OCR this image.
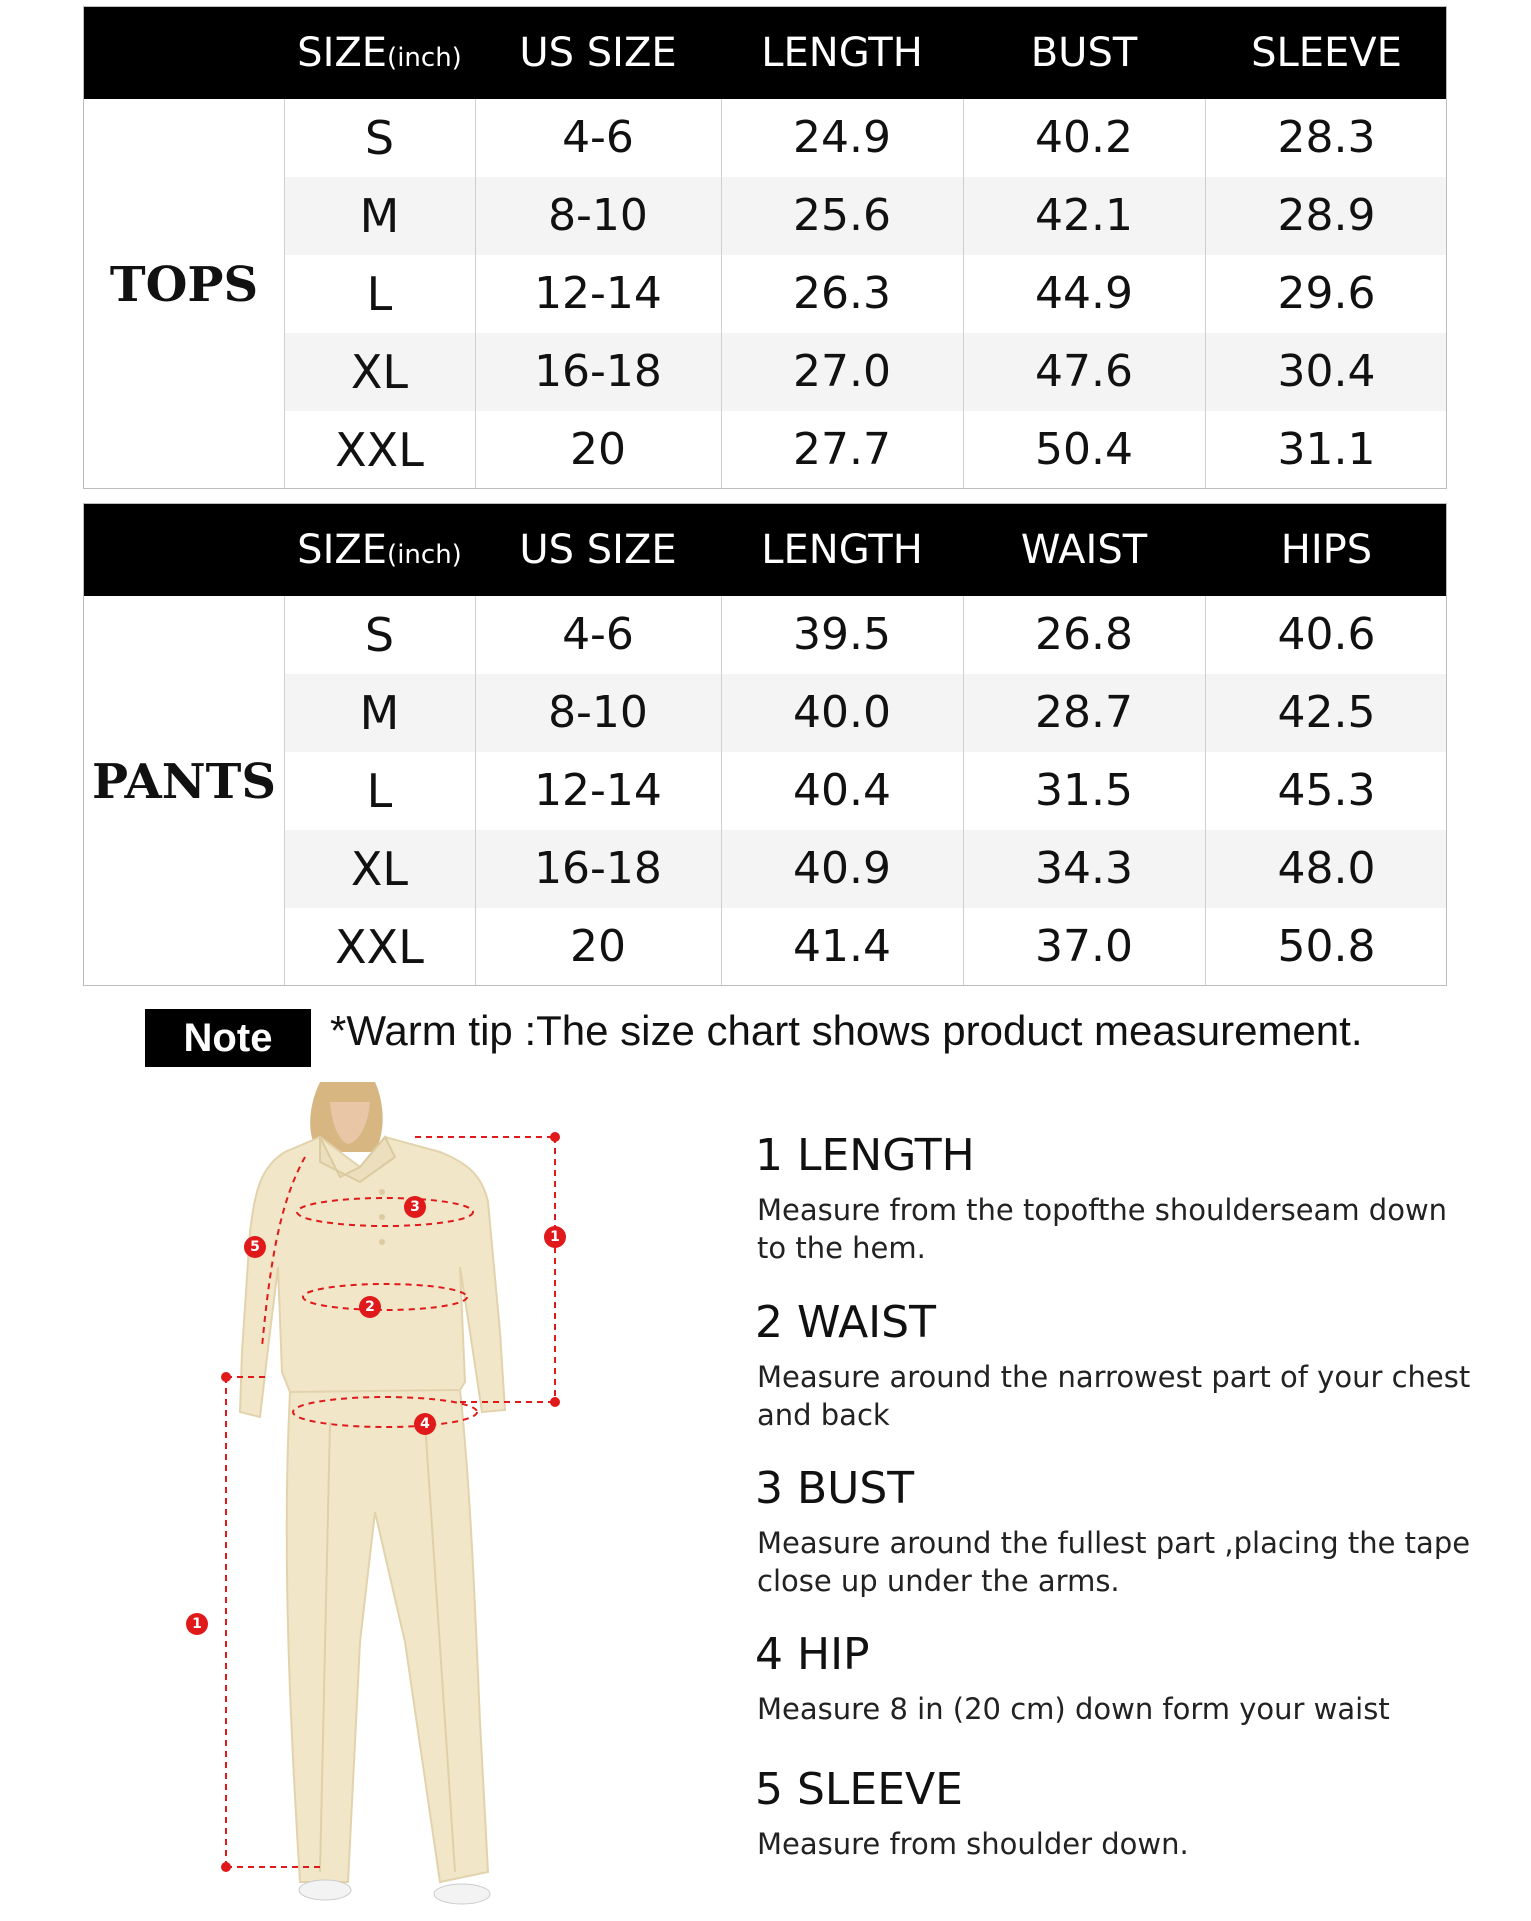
SIZE(inch)	US SIZE	LENGTH	BUST	SLEEVE
TOPS
S	4-6	24.9	40.2	28.3
M	8-10	25.6	42.1	28.9
L	12-14	26.3	44.9	29.6
XL	16-18	27.0	47.6	30.4
XXL	20	27.7	50.4	31.1
SIZE(inch)	US SIZE	LENGTH	WAIST	HIPS
PANTS
S	4-6	39.5	26.8	40.6
M	8-10	40.0	28.7	42.5
L	12-14	40.4	31.5	45.3
XL	16-18	40.9	34.3	48.0
XXL	20	41.4	37.0	50.8
Note	*Warm tip :The size chart shows product measurement.
1
2
3
4
5
1

1 LENGTH

Measure from the topofthe shoulderseam down to the hem.

2 WAIST

Measure around the narrowest part of your chest and back

3 BUST

Measure around the fullest part ,placing the tape close up under the arms.

4 HIP

Measure 8 in (20 cm) down form your waist

5 SLEEVE

Measure from shoulder down.
